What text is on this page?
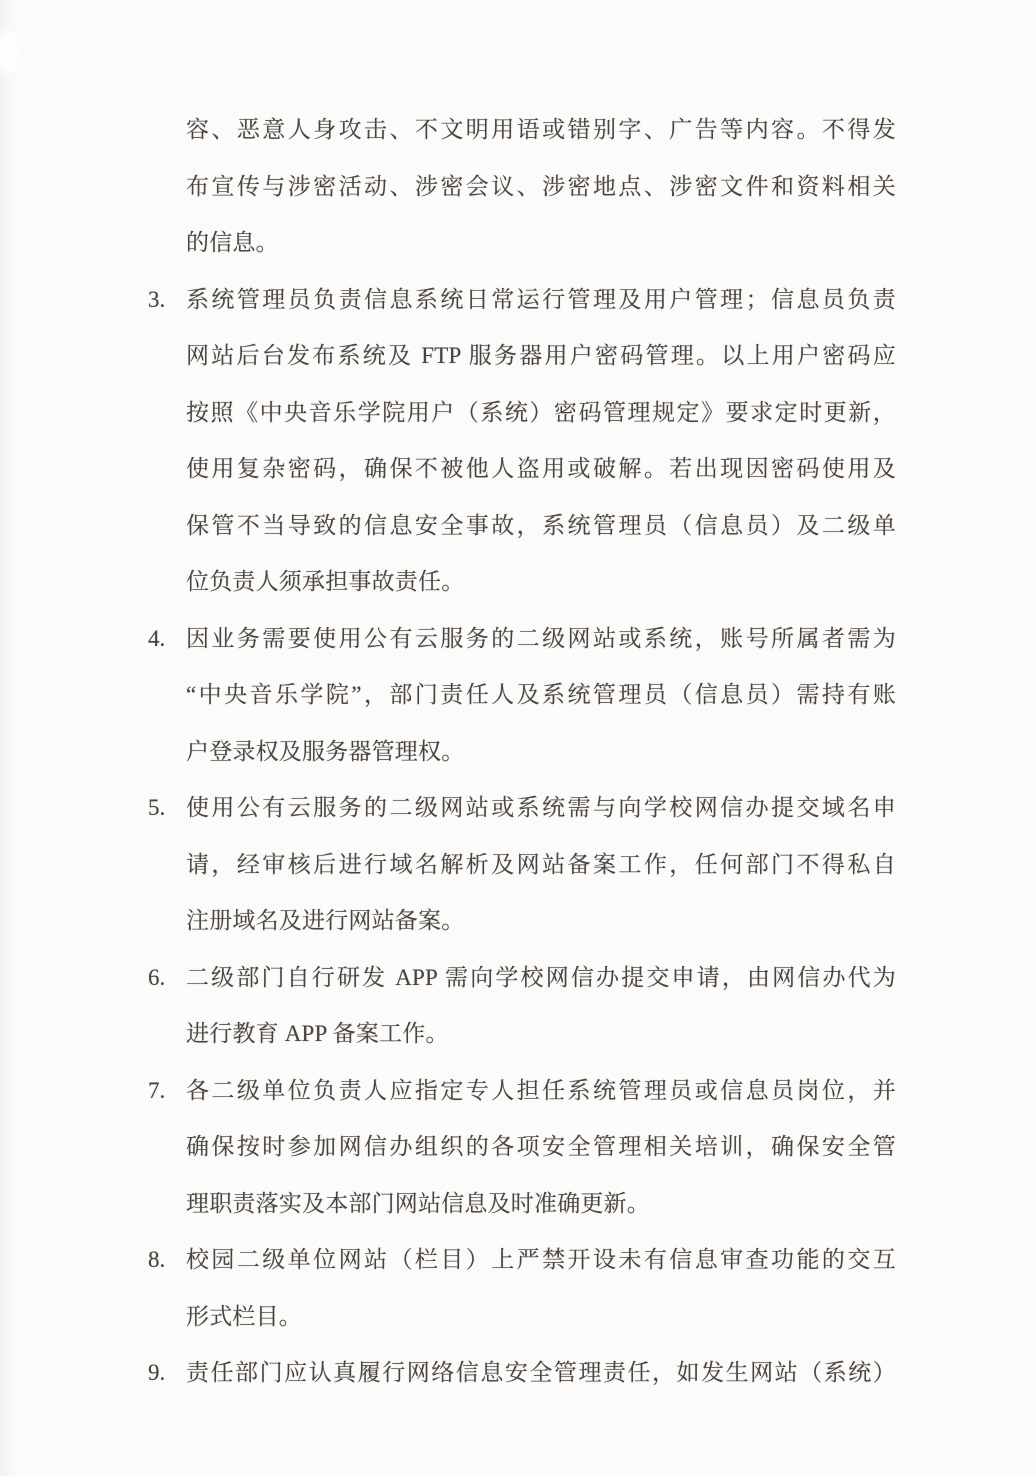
容、恶意人身攻击、不文明用语或错别字、广告等内容。不得发
布宣传与涉密活动、涉密会议、涉密地点、涉密文件和资料相关
的信息。
3. 系统管理员负责信息系统日常运行管理及用户管理；信息员负责
网站后台发布系统及 FTP 服务器用户密码管理。以上用户密码应
按照《中央音乐学院用户（系统）密码管理规定》要求定时更新，
使用复杂密码，确保不被他人盗用或破解。若出现因密码使用及
保管不当导致的信息安全事故，系统管理员（信息员）及二级单
位负责人须承担事故责任。
4. 因业务需要使用公有云服务的二级网站或系统，账号所属者需为
“中央音乐学院”，部门责任人及系统管理员（信息员）需持有账
户登录权及服务器管理权。
5. 使用公有云服务的二级网站或系统需与向学校网信办提交域名申
请，经审核后进行域名解析及网站备案工作，任何部门不得私自
注册域名及进行网站备案。
6. 二级部门自行研发 APP 需向学校网信办提交申请，由网信办代为
进行教育 APP 备案工作。
7. 各二级单位负责人应指定专人担任系统管理员或信息员岗位，并
确保按时参加网信办组织的各项安全管理相关培训，确保安全管
理职责落实及本部门网站信息及时准确更新。
8. 校园二级单位网站（栏目）上严禁开设未有信息审查功能的交互
形式栏目。
9. 责任部门应认真履行网络信息安全管理责任，如发生网站（系统）
